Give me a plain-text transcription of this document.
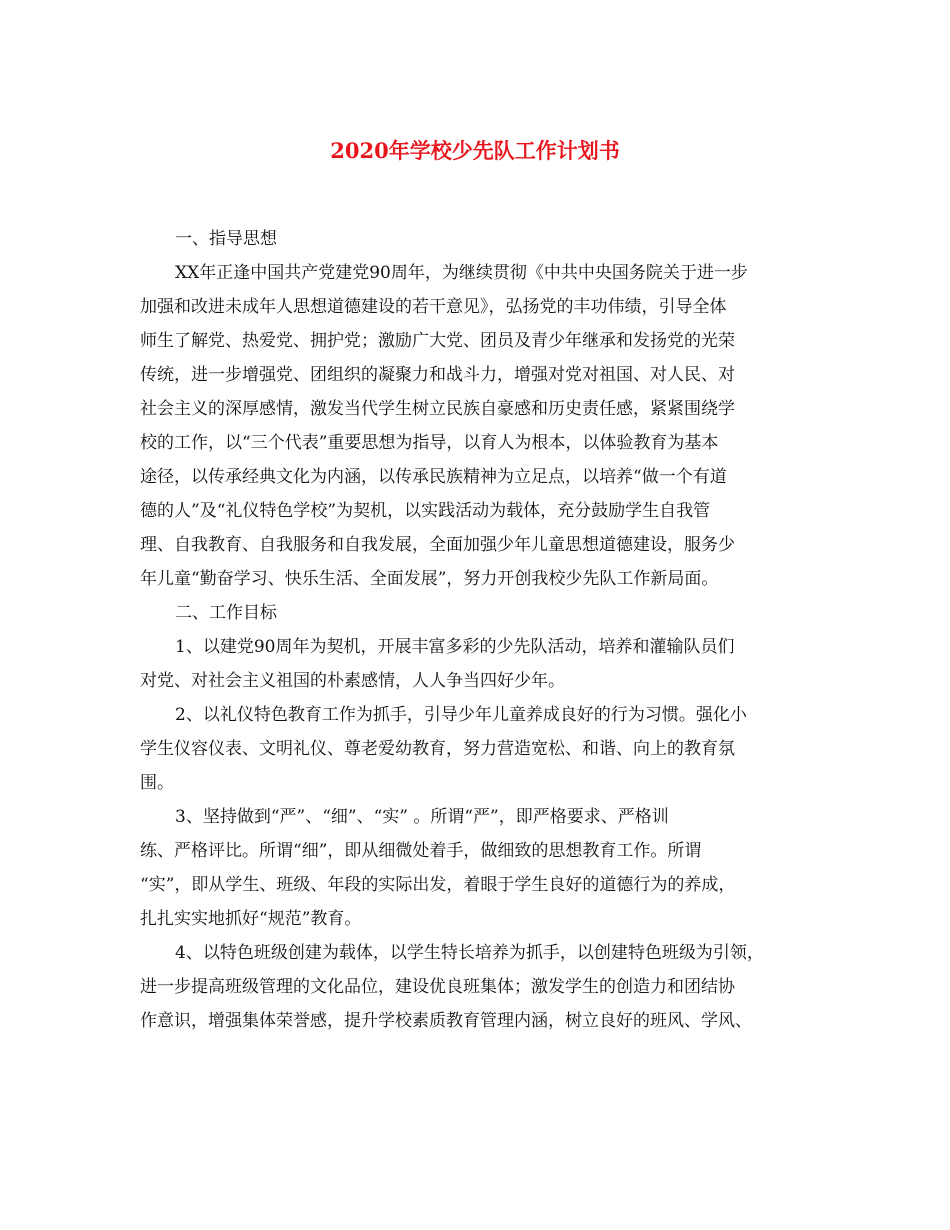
2020年学校少先队工作计划书
一、指导思想
XX年正逢中国共产党建党90周年，为继续贯彻《中共中央国务院关于进一步
加强和改进未成年人思想道德建设的若干意见》，弘扬党的丰功伟绩，引导全体
师生了解党、热爱党、拥护党；激励广大党、团员及青少年继承和发扬党的光荣
传统，进一步增强党、团组织的凝聚力和战斗力，增强对党对祖国、对人民、对
社会主义的深厚感情，激发当代学生树立民族自豪感和历史责任感，紧紧围绕学
校的工作，以“三个代表”重要思想为指导，以育人为根本，以体验教育为基本
途径，以传承经典文化为内涵，以传承民族精神为立足点，以培养“做一个有道
德的人”及“礼仪特色学校”为契机，以实践活动为载体，充分鼓励学生自我管
理、自我教育、自我服务和自我发展，全面加强少年儿童思想道德建设，服务少
年儿童“勤奋学习、快乐生活、全面发展”，努力开创我校少先队工作新局面。
二、工作目标
1、以建党90周年为契机，开展丰富多彩的少先队活动，培养和灌输队员们
对党、对社会主义祖国的朴素感情，人人争当四好少年。
2、以礼仪特色教育工作为抓手，引导少年儿童养成良好的行为习惯。强化小
学生仪容仪表、文明礼仪、尊老爱幼教育，努力营造宽松、和谐、向上的教育氛
围。
3、坚持做到“严”、“细”、“实” 。所谓“严”，即严格要求、严格训
练、严格评比。所谓“细”，即从细微处着手，做细致的思想教育工作。所谓
“实”，即从学生、班级、年段的实际出发，着眼于学生良好的道德行为的养成，
扎扎实实地抓好“规范”教育。
4、以特色班级创建为载体，以学生特长培养为抓手，以创建特色班级为引领，
进一步提高班级管理的文化品位，建设优良班集体；激发学生的创造力和团结协
作意识，增强集体荣誉感，提升学校素质教育管理内涵，树立良好的班风、学风、
